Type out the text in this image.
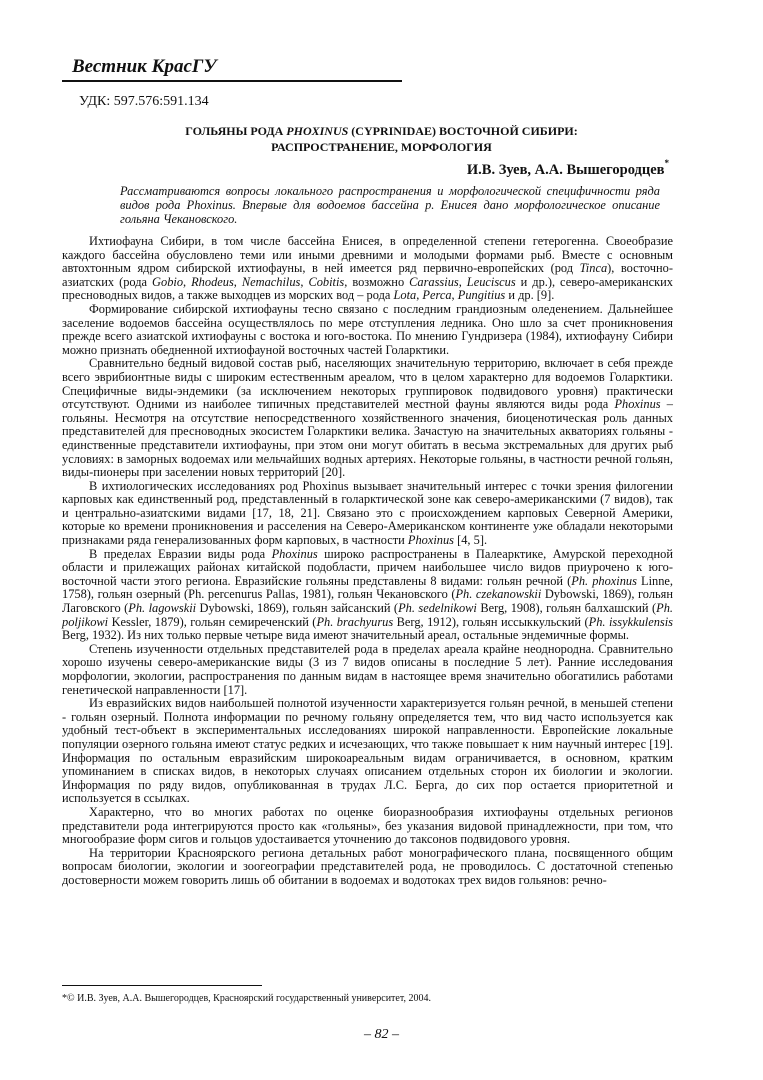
Вестник КрасГУ
УДК: 597.576:591.134
ГОЛЬЯНЫ РОДА PHOXINUS (CYPRINIDAE) ВОСТОЧНОЙ СИБИРИ:
РАСПРОСТРАНЕНИЕ, МОРФОЛОГИЯ
И.В. Зуев, А.А. Вышегородцев*
Рассматриваются вопросы локального распространения и морфологической специфичности ряда видов рода Phoxinus. Впервые для водоемов бассейна р. Енисея дано морфологическое описание гольяна Чекановского.

Ихтиофауна Сибири, в том числе бассейна Енисея, в определенной степени гетерогенна. Своеобразие каждого бассейна обусловлено теми или иными древними и молодыми формами рыб. Вместе с основным автохтонным ядром сибирской ихтиофауны, в ней имеется ряд первично-европейских (род Tinca), восточно-азиатских (рода Gobio, Rhodeus, Nemachilus, Cobitis, возможно Carassius, Leuciscus и др.), северо-американских пресноводных видов, а также выходцев из морских вод – рода Lota, Perca, Pungitius и др. [9].

Формирование сибирской ихтиофауны тесно связано с последним грандиозным оледенением. Дальнейшее заселение водоемов бассейна осуществлялось по мере отступления ледника. Оно шло за счет проникновения прежде всего азиатской ихтиофауны с востока и юго-востока. По мнению Гундризера (1984), ихтиофауну Сибири можно признать обедненной ихтиофауной восточных частей Голарктики.

Сравнительно бедный видовой состав рыб, населяющих значительную территорию, включает в себя прежде всего эврибионтные виды с широким естественным ареалом, что в целом характерно для водоемов Голарктики. Специфичные виды-эндемики (за исключением некоторых группировок подвидового уровня) практически отсутствуют. Одними из наиболее типичных представителей местной фауны являются виды рода Phoxinus – гольяны. Несмотря на отсутствие непосредственного хозяйственного значения, биоценотическая роль данных представителей для пресноводных экосистем Голарктики велика. Зачастую на значительных акваториях гольяны - единственные представители ихтиофауны, при этом они могут обитать в весьма экстремальных для других рыб условиях: в заморных водоемах или мельчайших водных артериях. Некоторые гольяны, в частности речной гольян, виды-пионеры при заселении новых территорий [20].

В ихтиологических исследованиях род Phoxinus вызывает значительный интерес с точки зрения филогении карповых как единственный род, представленный в голарктической зоне как северо-американскими (7 видов), так и центрально-азиатскими видами [17, 18, 21]. Связано это с происхождением карповых Северной Америки, которые ко времени проникновения и расселения на Северо-Американском континенте уже обладали некоторыми признаками ряда генерализованных форм карповых, в частности Phoxinus [4, 5].

В пределах Евразии виды рода Phoxinus широко распространены в Палеарктике, Амурской переходной области и прилежащих районах китайской подобласти, причем наибольшее число видов приурочено к юго-восточной части этого региона. Евразийские гольяны представлены 8 видами: гольян речной (Ph. phoxinus Linne, 1758), гольян озерный (Ph. percenurus Pallas, 1981), гольян Чекановского (Ph. czekanowskii Dybowski, 1869), гольян Лаговского (Ph. lagowskii Dybowski, 1869), гольян зайсанский (Ph. sedelnikowi Berg, 1908), гольян балхашский (Ph. poljikowi Kessler, 1879), гольян семиреченский (Ph. brachyurus Berg, 1912), гольян иссыккульский (Ph. issykkulensis Berg, 1932). Из них только первые четыре вида имеют значительный ареал, остальные эндемичные формы.

Степень изученности отдельных представителей рода в пределах ареала крайне неоднородна. Сравнительно хорошо изучены северо-американские виды (3 из 7 видов описаны в последние 5 лет). Ранние исследования морфологии, экологии, распространения по данным видам в настоящее время значительно обогатились работами генетической направленности [17].

Из евразийских видов наибольшей полнотой изученности характеризуется гольян речной, в меньшей степени - гольян озерный. Полнота информации по речному гольяну определяется тем, что вид часто используется как удобный тест-объект в экспериментальных исследованиях широкой направленности. Европейские локальные популяции озерного гольяна имеют статус редких и исчезающих, что также повышает к ним научный интерес [19]. Информация по остальным евразийским широкоареальным видам ограничивается, в основном, кратким упоминанием в списках видов, в некоторых случаях описанием отдельных сторон их биологии и экологии. Информация по ряду видов, опубликованная в трудах Л.С. Берга, до сих пор остается приоритетной и используется в ссылках.

Характерно, что во многих работах по оценке биоразнообразия ихтиофауны отдельных регионов представители рода интегрируются просто как «гольяны», без указания видовой принадлежности, при том, что многообразие форм сигов и гольцов удостаивается уточнению до таксонов подвидового уровня.

На территории Красноярского региона детальных работ монографического плана, посвященного общим вопросам биологии, экологии и зоогеографии представителей рода, не проводилось. С достаточной степенью достоверности можем говорить лишь об обитании в водоемах и водотоках трех видов гольянов: речно-

*© И.В. Зуев, А.А. Вышегородцев, Красноярский государственный университет, 2004.
– 82 –
